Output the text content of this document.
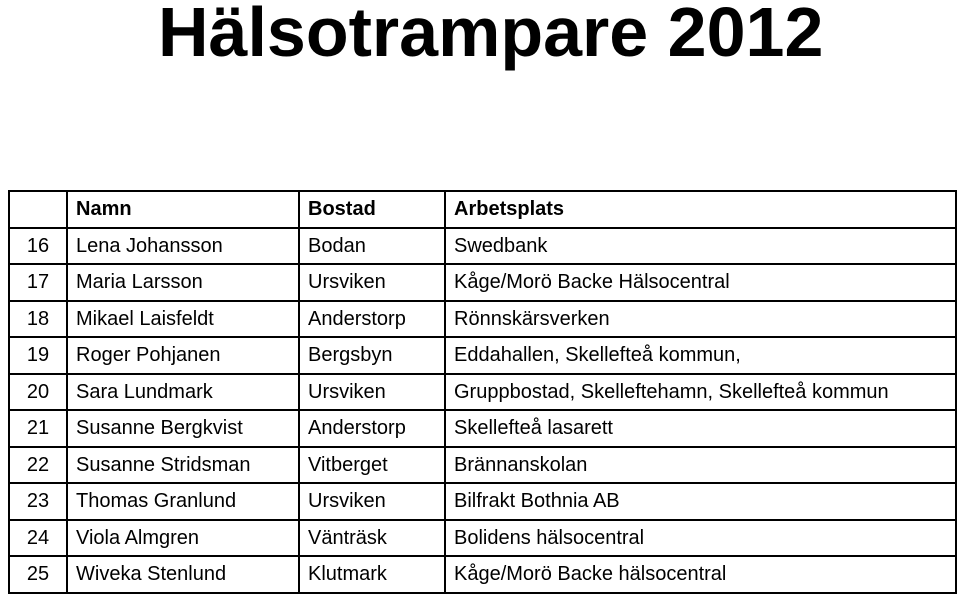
Hälsotrampare 2012
	Namn	Bostad	Arbetsplats
16	Lena Johansson	Bodan	Swedbank
17	Maria Larsson	Ursviken	Kåge/Morö Backe Hälsocentral
18	Mikael Laisfeldt	Anderstorp	Rönnskärsverken
19	Roger Pohjanen	Bergsbyn	Eddahallen, Skellefteå kommun,
20	Sara Lundmark	Ursviken	Gruppbostad, Skelleftehamn, Skellefteå kommun
21	Susanne Bergkvist	Anderstorp	Skellefteå lasarett
22	Susanne Stridsman	Vitberget	Brännanskolan
23	Thomas Granlund	Ursviken	Bilfrakt Bothnia AB
24	Viola Almgren	Vänträsk	Bolidens hälsocentral
25	Wiveka Stenlund	Klutmark	Kåge/Morö Backe hälsocentral
